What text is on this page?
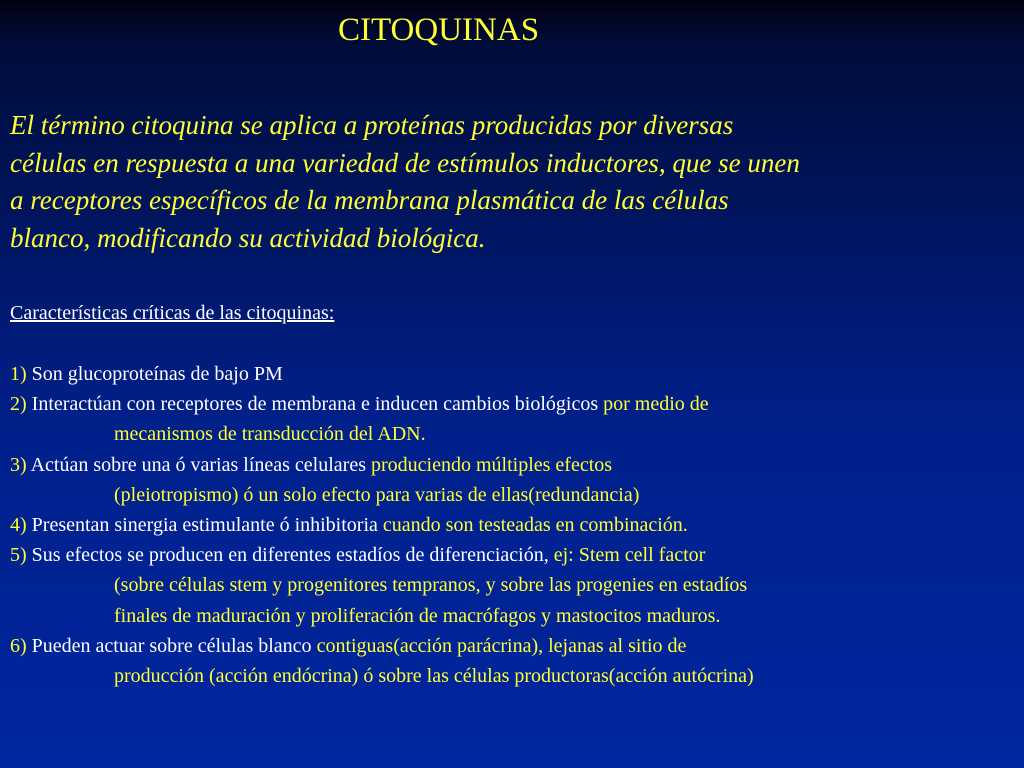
CITOQUINAS

El término citoquina se aplica a proteínas producidas por diversas
células en respuesta a una variedad de estímulos inductores, que se unen
a receptores específicos de la membrana plasmática de las células
blanco, modificando su actividad biológica.

Características críticas de las citoquinas:

1) Son glucoproteínas de bajo PM
2) Interactúan con receptores de membrana e inducen cambios biológicos por medio de
mecanismos de transducción del ADN.
3) Actúan sobre una ó varias líneas celulares produciendo múltiples efectos
(pleiotropismo) ó un solo efecto para varias de ellas(redundancia)
4) Presentan sinergia estimulante ó inhibitoria cuando son testeadas en combinación.
5) Sus efectos se producen en diferentes estadíos de diferenciación, ej: Stem cell factor
(sobre células stem y progenitores tempranos, y sobre las progenies en estadíos
finales de maduración y proliferación de macrófagos y mastocitos maduros.
6) Pueden actuar sobre células blanco contiguas(acción parácrina), lejanas al sitio de
producción (acción endócrina) ó sobre las células productoras(acción autócrina)
